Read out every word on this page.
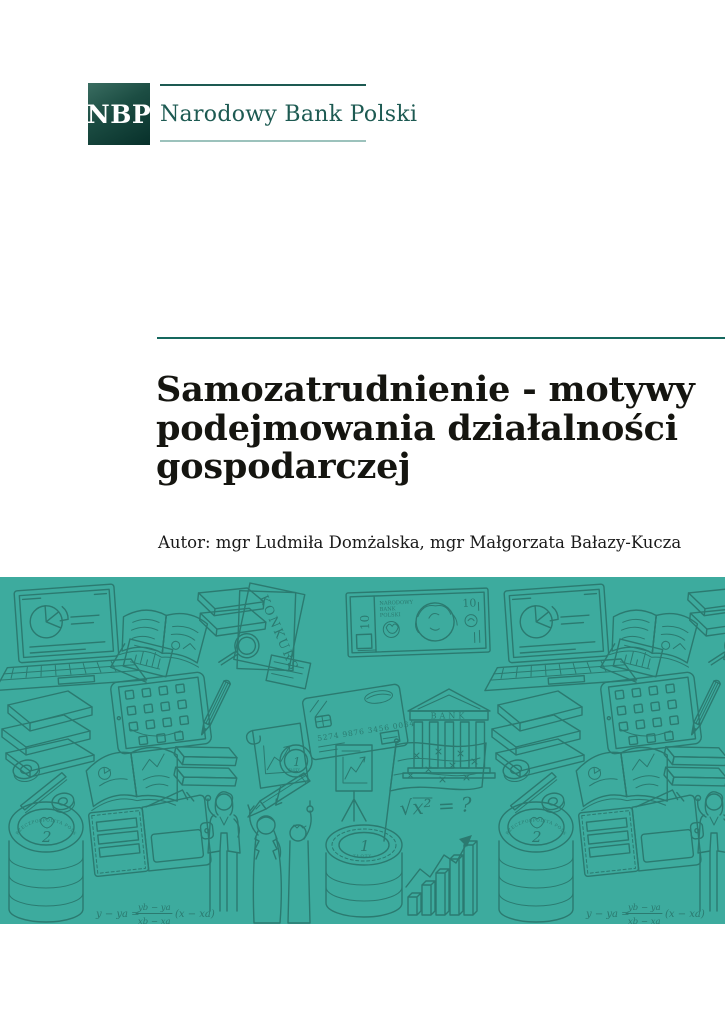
NBP Narodowy Bank Polski
Samozatrudnienie - motywy
podejmowania działalności
gospodarczej

Autor: mgr Ludmiła Domżalska, mgr Małgorzata Bałazy-Kucza

@	KONKURS	10
NARODOWY
BANK
POLSKI
10
5274 9876 3456 0034
BANK
RZECZPOSPOLITA POLSKA
2
y − ya =
yb − ya
xb − xa
(x − xa)
1
ZŁOTY
1
ZŁOTY
√x² = ?
